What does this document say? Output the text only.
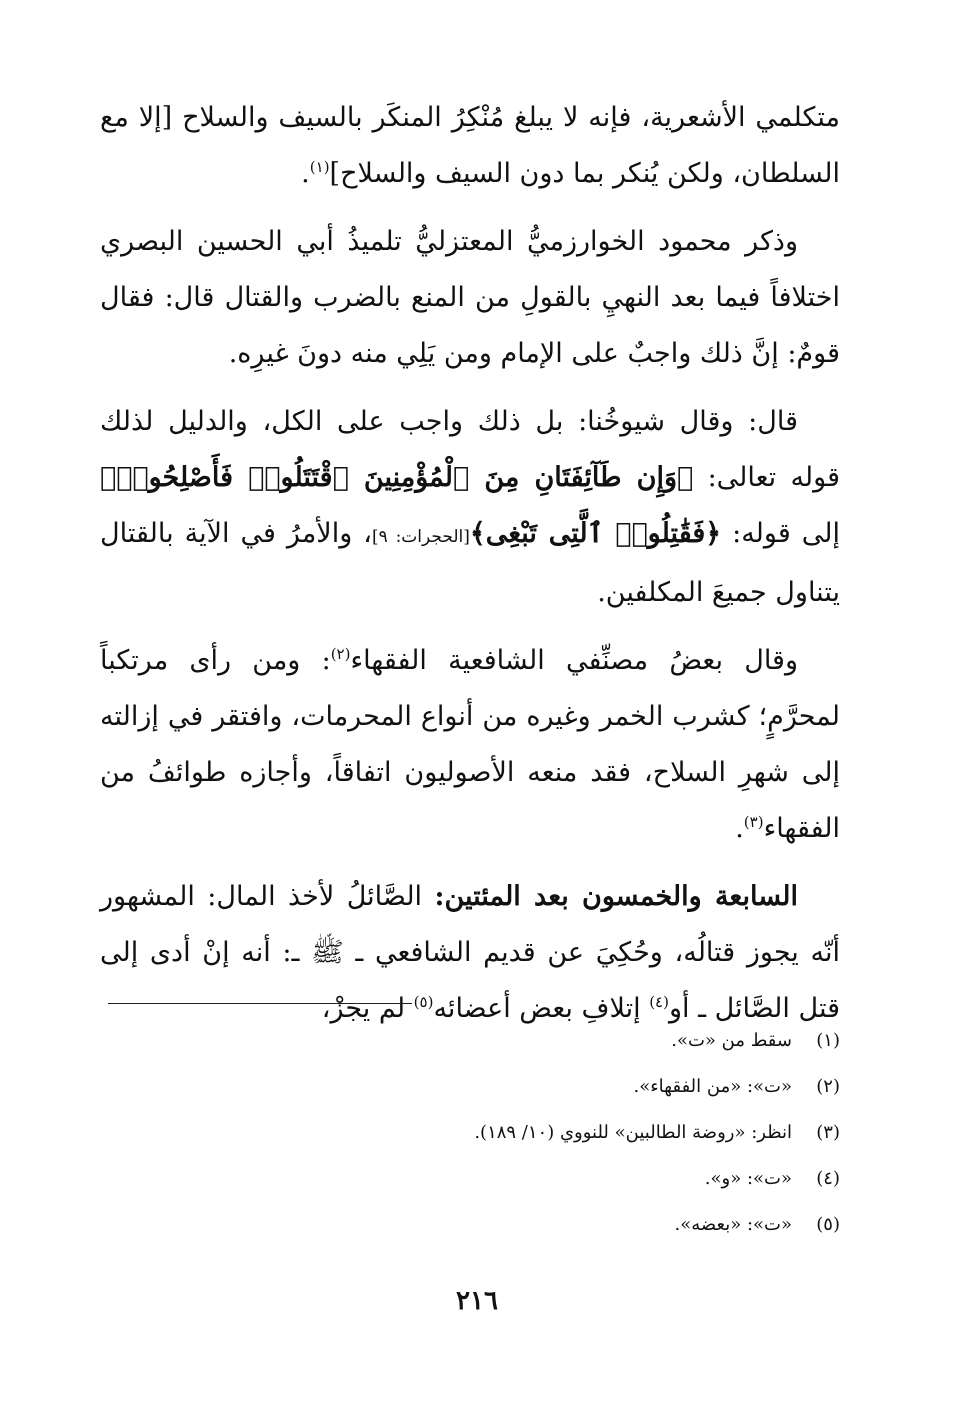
متكلمي الأشعرية، فإنه لا يبلغ مُنْكِرُ المنكَر بالسيف والسلاح [إلا مع السلطان، ولكن يُنكر بما دون السيف والسلاح]$^{(١)}$.

وذكر محمود الخوارزميُّ المعتزليُّ تلميذُ أبي الحسين البصري اختلافاً فيما بعد النهيِ بالقولِ من المنع بالضرب والقتال قال: فقال قومٌ: إنَّ ذلك واجبٌ على الإمام ومن يَلِي منه دونَ غيرِه.

قال: وقال شيوخُنا: بل ذلك واجب على الكل، والدليل لذلك قوله تعالى: ﴿وَإِن طَآئِفَتَانِ مِنَ ٱلْمُؤْمِنِينَ ٱقْتَتَلُوا۟ فَأَصْلِحُوا۟﴾ إلى قوله: ﴿فَقَٰتِلُوا۟ ٱلَّتِى تَبْغِى﴾[الحجرات: ٩]، والأمرُ في الآية بالقتال يتناول جميعَ المكلفين.

وقال بعضُ مصنِّفي الشافعية الفقهاء$^{(٢)}$: ومن رأى مرتكباً لمحرَّمٍ؛ كشرب الخمر وغيره من أنواع المحرمات، وافتقر في إزالته إلى شهرِ السلاح، فقد منعه الأصوليون اتفاقاً، وأجازه طوائفُ من الفقهاء$^{(٣)}$.

السابعة والخمسون بعد المئتين: الصَّائلُ لأخذ المال: المشهور أنّه يجوز قتالُه، وحُكِيَ عن قديم الشافعي ـ ﷺ ـ: أنه إنْ أدى إلى قتل الصَّائل ـ أو$^{(٤)}$ إتلافِ بعض أعضائه$^{(٥)}$ لم يجزْ،

(١)
سقط من «ت».
(٢)
«ت»: «من الفقهاء».
(٣)
انظر: «روضة الطالبين» للنووي (١٠/ ١٨٩).
(٤)
«ت»: «و».
(٥)
«ت»: «بعضه».
٢١٦
